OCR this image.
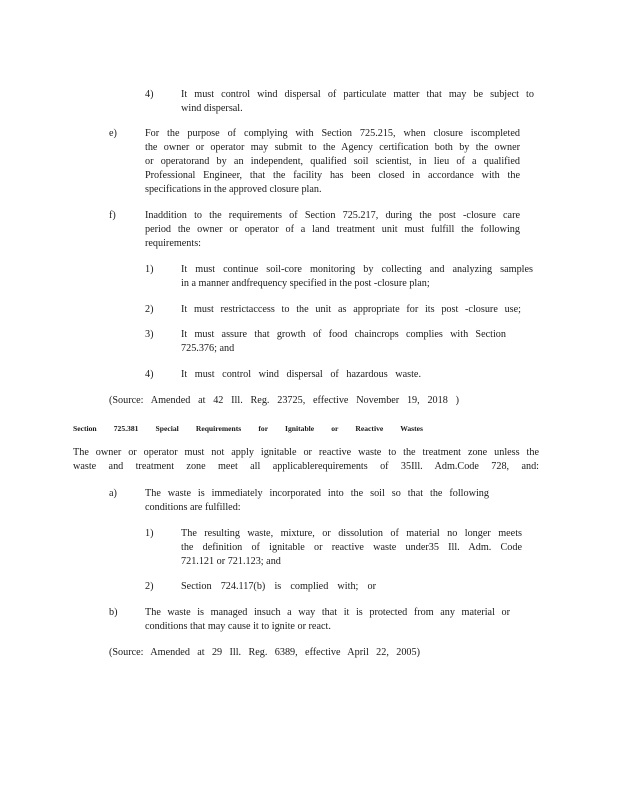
4)	It must control wind dispersal of particulate matter that may be subject to
wind dispersal.
e)	For the purpose of complying with Section 725.215, when closure iscompleted
the owner or operator may submit to the Agency certification both by the owner
or operatorand by an independent, qualified soil scientist, in lieu of a qualified
Professional Engineer, that the facility has been closed in accordance with the
specifications in the approved closure plan.
f)	Inaddition to the requirements of Section 725.217, during the post -closure care
period the owner or operator of a land treatment unit must fulfill the following
requirements:
1)	It must continue soil-core monitoring by collecting and analyzing samples
in a manner andfrequency specified in the post -closure plan;
2)	It must restrictaccess to the unit as appropriate for its post -closure use;
3)	It must assure that growth of food chaincrops complies with Section
725.376; and
4)	It must control wind dispersal of hazardous waste.
(Source: Amended at 42 Ill. Reg. 23725, effective November 19, 2018 )
Section 725.381 Special Requirements for Ignitable or Reactive Wastes
The owner or operator must not apply ignitable or reactive waste to the treatment zone unless the
waste and treatment zone meet all applicablerequirements of 35Ill. Adm.Code 728, and:
a)	The waste is immediately incorporated into the soil so that the following
conditions are fulfilled:
1)	The resulting waste, mixture, or dissolution of material no longer meets
the definition of ignitable or reactive waste under35 Ill. Adm. Code
721.121 or 721.123; and
2)	Section 724.117(b) is complied with; or
b)	The waste is managed insuch a way that it is protected from any material or
conditions that may cause it to ignite or react.
(Source: Amended at 29 Ill. Reg. 6389, effective April 22, 2005)
